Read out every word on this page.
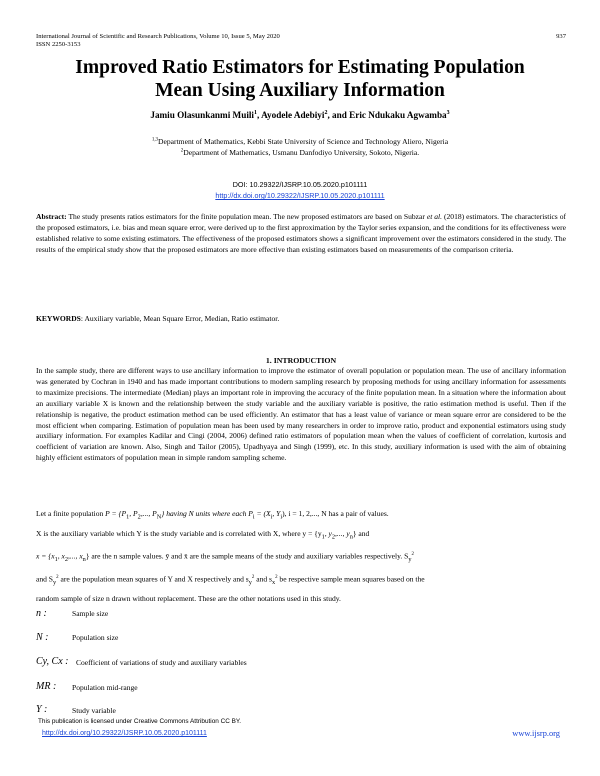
International Journal of Scientific and Research Publications, Volume 10, Issue 5, May 2020
ISSN 2250-3153
937
Improved Ratio Estimators for Estimating Population
Mean Using Auxiliary Information
Jamiu Olasunkanmi Muili$^1$, Ayodele Adebiyi$^2$, and Eric Ndukaku Agwamba$^3$
$^{1,3}$Department of Mathematics, Kebbi State University of Science and Technology Aliero, Nigeria
$^2$Department of Mathematics, Usmanu Danfodiyo University, Sokoto, Nigeria.
DOI: 10.29322/IJSRP.10.05.2020.p101111
http://dx.doi.org/10.29322/IJSRP.10.05.2020.p101111
Abstract: The study presents ratios estimators for the finite population mean. The new proposed estimators are based on Subzar et al. (2018) estimators. The characteristics of the proposed estimators, i.e. bias and mean square error, were derived up to the first approximation by the Taylor series expansion, and the conditions for its effectiveness were established relative to some existing estimators. The effectiveness of the proposed estimators shows a significant improvement over the estimators considered in the study. The results of the empirical study show that the proposed estimators are more effective than existing estimators based on measurements of the comparison criteria.
KEYWORDS: Auxiliary variable, Mean Square Error, Median, Ratio estimator.
1. INTRODUCTION
In the sample study, there are different ways to use ancillary information to improve the estimator of overall population or population mean. The use of ancillary information was generated by Cochran in 1940 and has made important contributions to modern sampling research by proposing methods for using ancillary information for assessments to maximize precisions. The intermediate (Median) plays an important role in improving the accuracy of the finite population mean. In a situation where the information about an auxiliary variable X is known and the relationship between the study variable and the auxiliary variable is positive, the ratio estimation method is useful. Then if the relationship is negative, the product estimation method can be used efficiently. An estimator that has a least value of variance or mean square error are considered to be the most efficient when comparing. Estimation of population mean has been used by many researchers in order to improve ratio, product and exponential estimators using study auxiliary information. For examples Kadilar and Cingi (2004, 2006) defined ratio estimators of population mean when the values of coefficient of correlation, kurtosis and coefficient of variation are known. Also, Singh and Tailor (2005), Upadhyaya and Singh (1999), etc. In this study, auxiliary information is used with the aim of obtaining highly efficient estimators of population mean in simple random sampling scheme.
Let a finite population $P = \{P_1$, $P_2$,..., $P_N$} having N units where each $P_i = (X_i$, $Y_i$), i = 1, 2,..., N has a pair of values.
X is the auxiliary variable which Y is the study variable and is correlated with X, where $y = \{y_1$, $y_2$,..., $y_n$} and
$x = \{x_1$, $x_2$,..., $x_n$} are the n sample values. ȳ and x̄ are the sample means of the study and auxiliary variables respectively. $S_y^2$
and $S_y^2$ are the population mean squares of Y and X respectively and $s_y^2$ and $s_x^2$ be respective sample mean squares based on the
random sample of size n drawn without replacement. These are the other notations used in this study.
n :	Sample size
N :	Population size
Cy, Cx : Coefficient of variations of study and auxiliary variables
MR : Population mid-range
Y :	Study variable
This publication is licensed under Creative Commons Attribution CC BY.
http://dx.doi.org/10.29322/IJSRP.10.05.2020.p101111	www.ijsrp.org
